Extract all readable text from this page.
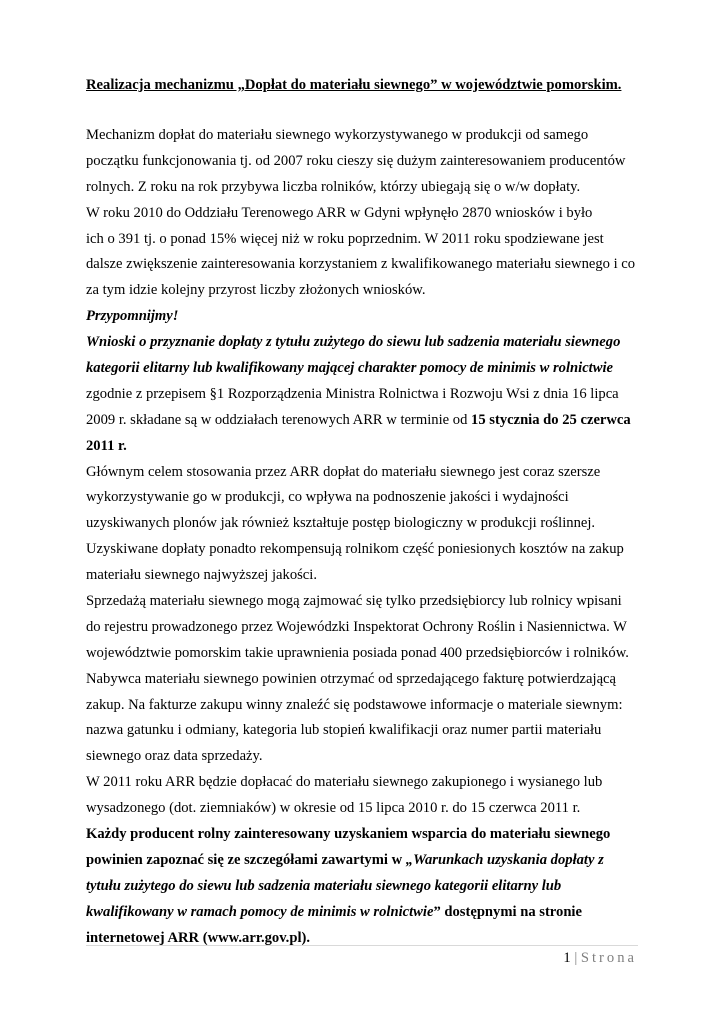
Realizacja mechanizmu „Dopłat do materiału siewnego” w województwie pomorskim.
Mechanizm dopłat do materiału siewnego wykorzystywanego w produkcji od samego
początku funkcjonowania tj. od 2007 roku cieszy się dużym zainteresowaniem producentów
rolnych. Z roku na rok przybywa liczba rolników, którzy ubiegają się o w/w dopłaty.
W roku 2010 do Oddziału Terenowego ARR w Gdyni wpłynęło 2870 wniosków i było
ich o 391 tj. o ponad 15% więcej niż w roku poprzednim. W 2011 roku spodziewane jest
dalsze zwiększenie zainteresowania korzystaniem z kwalifikowanego materiału siewnego i co
za tym idzie kolejny przyrost liczby złożonych wniosków.
Przypomnijmy!
Wnioski o przyznanie dopłaty z tytułu zużytego do siewu lub sadzenia materiału siewnego
kategorii elitarny lub kwalifikowany mającej charakter pomocy de minimis w rolnictwie
zgodnie z przepisem §1 Rozporządzenia Ministra Rolnictwa i Rozwoju Wsi z dnia 16 lipca
2009 r. składane są w oddziałach terenowych ARR w terminie od 15 stycznia do 25 czerwca
2011 r.
Głównym celem stosowania przez ARR dopłat do materiału siewnego jest coraz szersze
wykorzystywanie go w produkcji, co wpływa na podnoszenie jakości i wydajności
uzyskiwanych plonów jak również kształtuje postęp biologiczny w produkcji roślinnej.
Uzyskiwane dopłaty ponadto rekompensują rolnikom część poniesionych kosztów na zakup
materiału siewnego najwyższej jakości.
Sprzedażą materiału siewnego mogą zajmować się tylko przedsiębiorcy lub rolnicy wpisani
do rejestru prowadzonego przez Wojewódzki Inspektorat Ochrony Roślin i Nasiennictwa. W
województwie pomorskim takie uprawnienia posiada ponad 400 przedsiębiorców i rolników.
Nabywca materiału siewnego powinien otrzymać od sprzedającego fakturę potwierdzającą
zakup. Na fakturze zakupu winny znaleźć się podstawowe informacje o materiale siewnym:
nazwa gatunku i odmiany, kategoria lub stopień kwalifikacji oraz numer partii materiału
siewnego oraz data sprzedaży.
W 2011 roku ARR będzie dopłacać do materiału siewnego zakupionego i wysianego lub
wysadzonego (dot. ziemniaków) w okresie od 15 lipca 2010 r. do 15 czerwca 2011 r.
Każdy producent rolny zainteresowany uzyskaniem wsparcia do materiału siewnego
powinien zapoznać się ze szczegółami zawartymi w „Warunkach uzyskania dopłaty z
tytułu zużytego do siewu lub sadzenia materiału siewnego kategorii elitarny lub
kwalifikowany w ramach pomocy de minimis w rolnictwie” dostępnymi na stronie
internetowej ARR (www.arr.gov.pl).
1 | Strona
